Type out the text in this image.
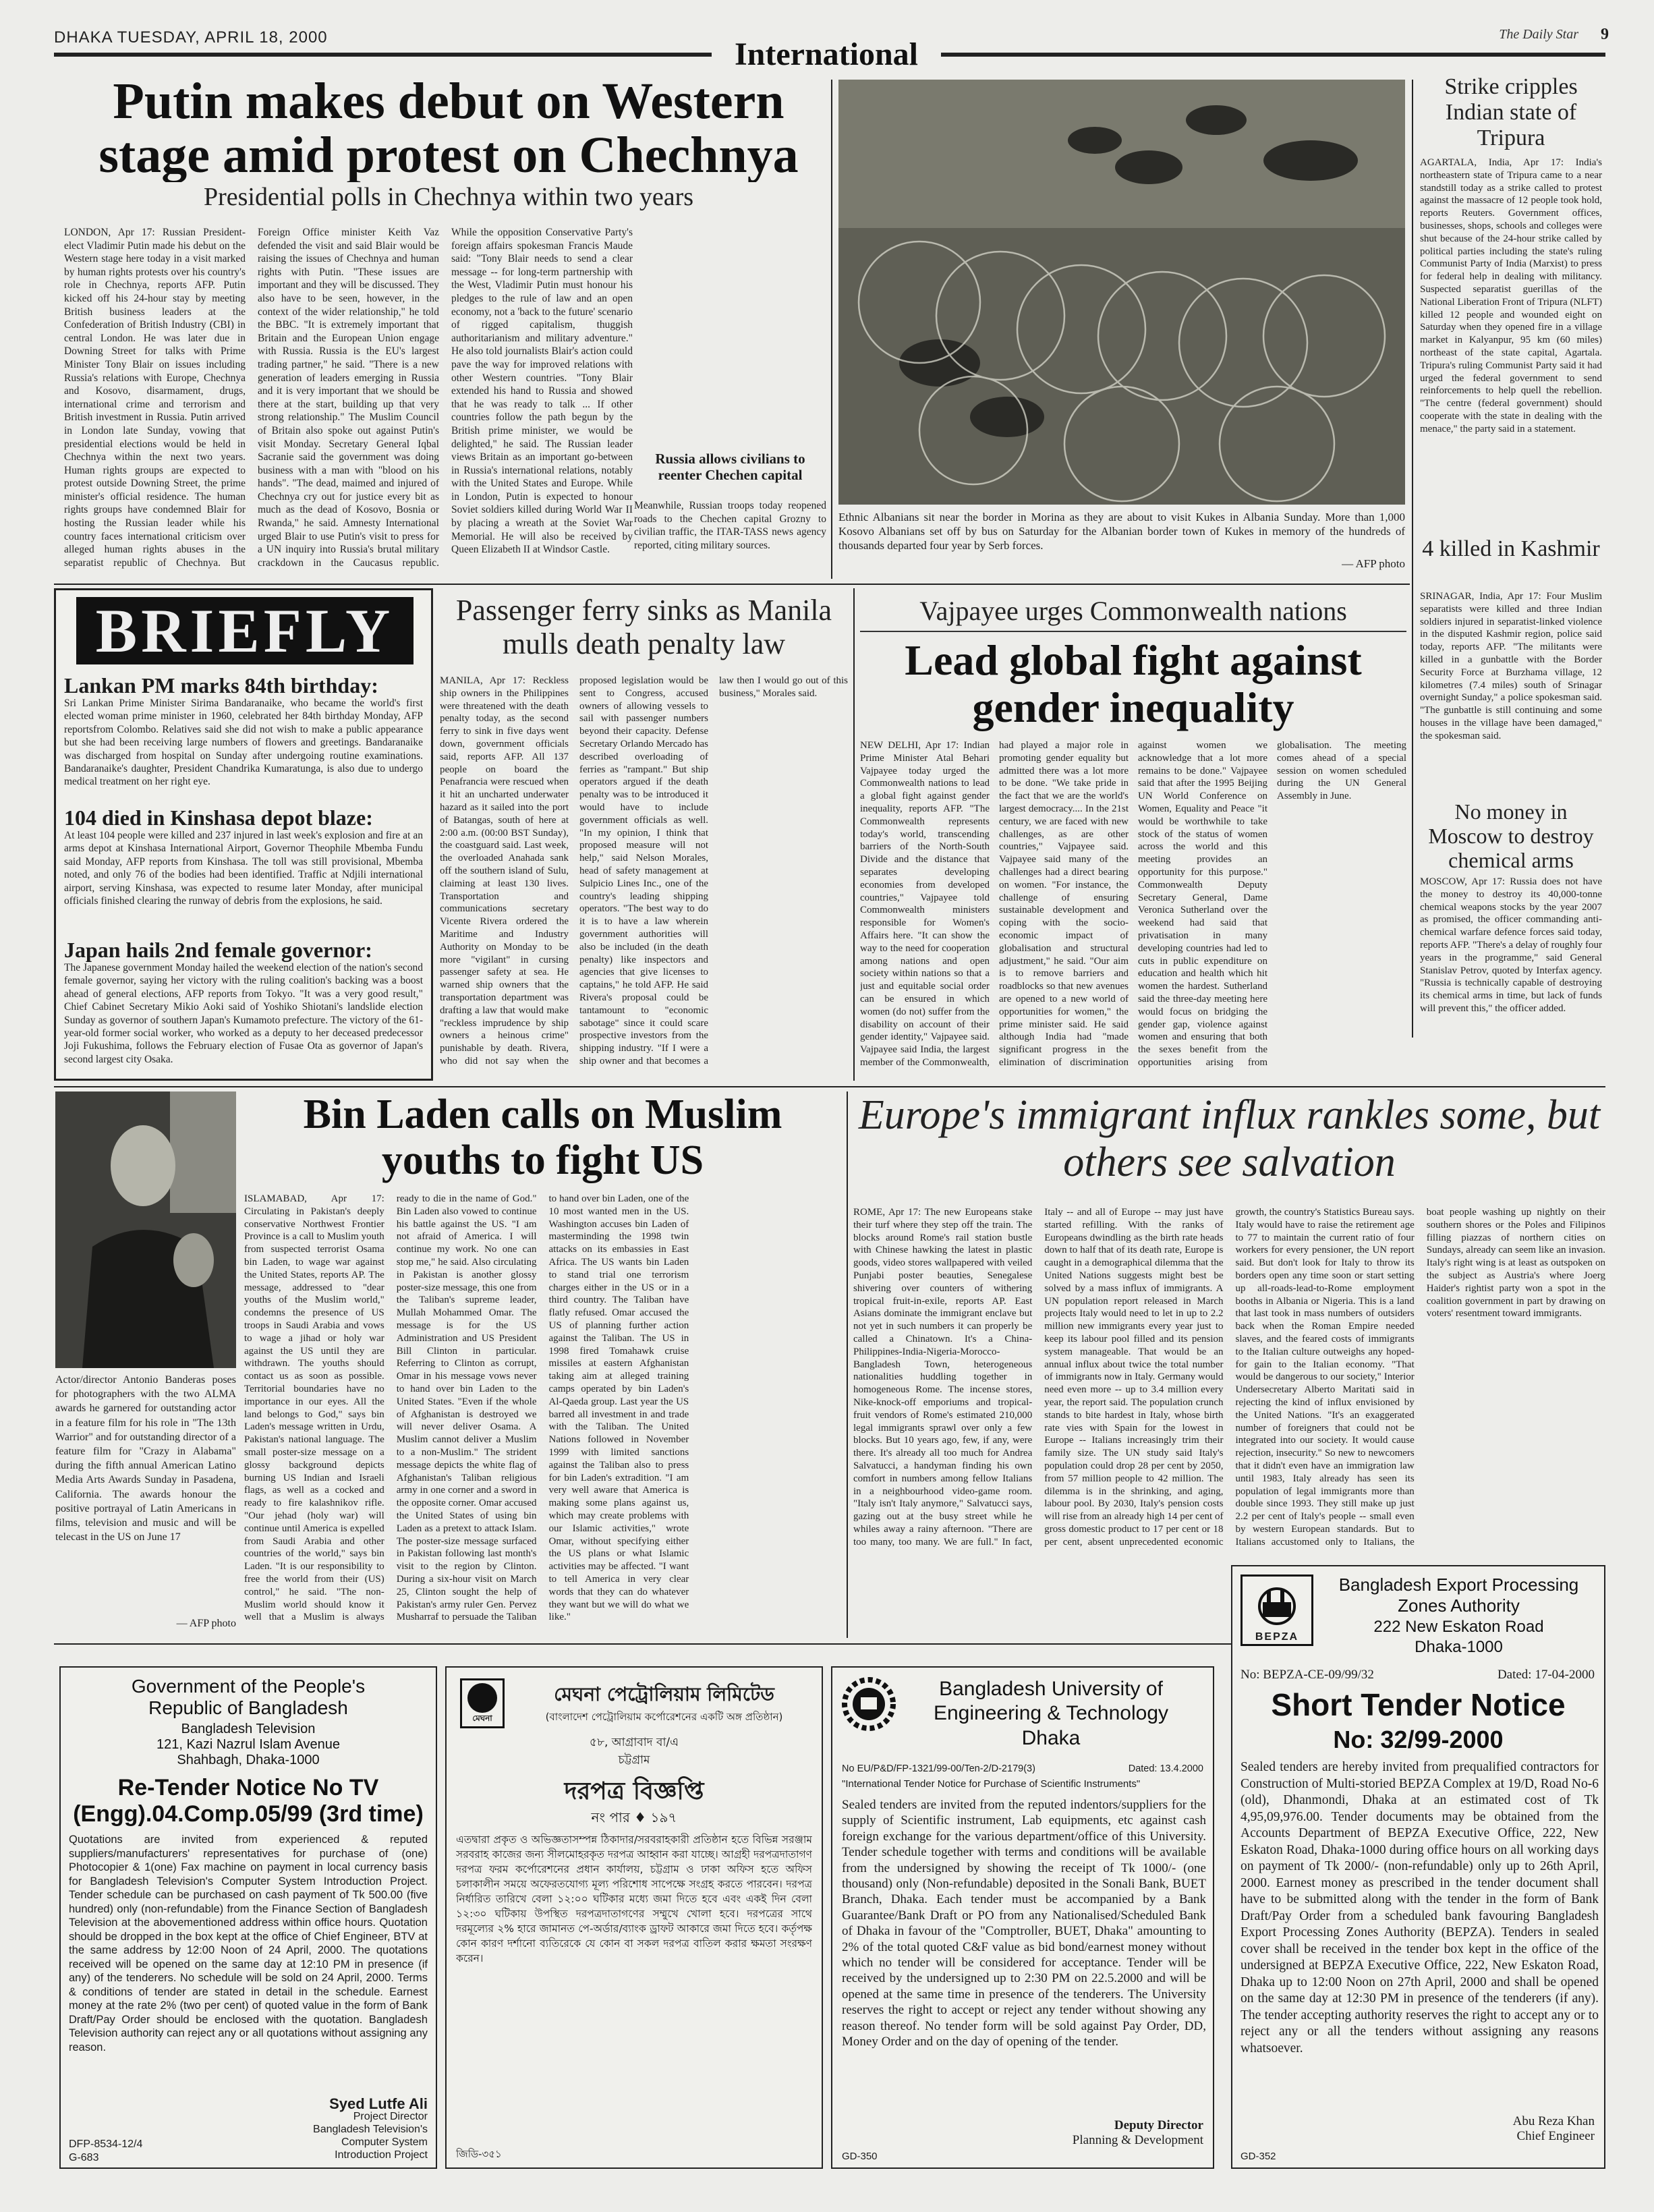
DHAKA TUESDAY, APRIL 18, 2000	International
The Daily Star	9
Putin makes debut on Western stage amid protest on Chechnya
Presidential polls in Chechnya within two years
LONDON, Apr 17: Russian President-elect Vladimir Putin made his debut on the Western stage here today in a visit marked by human rights protests over his country's role in Chechnya, reports AFP. Putin kicked off his 24-hour stay by meeting British business leaders at the Confederation of British Industry (CBI) in central London. He was later due in Downing Street for talks with Prime Minister Tony Blair on issues including Russia's relations with Europe, Chechnya and Kosovo, disarmament, drugs, international crime and terrorism and British investment in Russia. Putin arrived in London late Sunday, vowing that presidential elections would be held in Chechnya within the next two years. Human rights groups are expected to protest outside Downing Street, the prime minister's official residence. The human rights groups have condemned Blair for hosting the Russian leader while his country faces international criticism over alleged human rights abuses in the separatist republic of Chechnya. But Foreign Office minister Keith Vaz defended the visit and said Blair would be raising the issues of Chechnya and human rights with Putin. "These issues are important and they will be discussed. They also have to be seen, however, in the context of the wider relationship," he told the BBC. "It is extremely important that Britain and the European Union engage with Russia. Russia is the EU's largest trading partner," he said. "There is a new generation of leaders emerging in Russia and it is very important that we should be there at the start, building up that very strong relationship." The Muslim Council of Britain also spoke out against Putin's visit Monday. Secretary General Iqbal Sacranie said the government was doing business with a man with "blood on his hands". "The dead, maimed and injured of Chechnya cry out for justice every bit as much as the dead of Kosovo, Bosnia or Rwanda," he said. Amnesty International urged Blair to use Putin's visit to press for a UN inquiry into Russia's brutal military crackdown in the Caucasus republic. While the opposition Conservative Party's foreign affairs spokesman Francis Maude said: "Tony Blair needs to send a clear message -- for long-term partnership with the West, Vladimir Putin must honour his pledges to the rule of law and an open economy, not a 'back to the future' scenario of rigged capitalism, thuggish authoritarianism and military adventure." He also told journalists Blair's action could pave the way for improved relations with other Western countries. "Tony Blair extended his hand to Russia and showed that he was ready to talk ... If other countries follow the path begun by the British prime minister, we would be delighted," he said. The Russian leader views Britain as an important go-between in Russia's international relations, notably with the United States and Europe. While in London, Putin is expected to honour Soviet soldiers killed during World War II by placing a wreath at the Soviet War Memorial. He will also be received by Queen Elizabeth II at Windsor Castle.
Russia allows civilians to reenter Chechen capital
Meanwhile, Russian troops today reopened roads to the Chechen capital Grozny to civilian traffic, the ITAR-TASS news agency reported, citing military sources.
Ethnic Albanians sit near the border in Morina as they are about to visit Kukes in Albania Sunday. More than 1,000 Kosovo Albanians set off by bus on Saturday for the Albanian border town of Kukes in memory of the hundreds of thousands departed four year by Serb forces.
— AFP photo
Strike cripples Indian state of Tripura
AGARTALA, India, Apr 17: India's northeastern state of Tripura came to a near standstill today as a strike called to protest against the massacre of 12 people took hold, reports Reuters. Government offices, businesses, shops, schools and colleges were shut because of the 24-hour strike called by political parties including the state's ruling Communist Party of India (Marxist) to press for federal help in dealing with militancy. Suspected separatist guerillas of the National Liberation Front of Tripura (NLFT) killed 12 people and wounded eight on Saturday when they opened fire in a village market in Kalyanpur, 95 km (60 miles) northeast of the state capital, Agartala. Tripura's ruling Communist Party said it had urged the federal government to send reinforcements to help quell the rebellion. "The centre (federal government) should cooperate with the state in dealing with the menace," the party said in a statement.
4 killed in Kashmir
SRINAGAR, India, Apr 17: Four Muslim separatists were killed and three Indian soldiers injured in separatist-linked violence in the disputed Kashmir region, police said today, reports AFP. "The militants were killed in a gunbattle with the Border Security Force at Burzhama village, 12 kilometres (7.4 miles) south of Srinagar overnight Sunday," a police spokesman said. "The gunbattle is still continuing and some houses in the village have been damaged," the spokesman said.
No money in Moscow to destroy chemical arms
MOSCOW, Apr 17: Russia does not have the money to destroy its 40,000-tonne chemical weapons stocks by the year 2007 as promised, the officer commanding anti-chemical warfare defence forces said today, reports AFP. "There's a delay of roughly four years in the programme," said General Stanislav Petrov, quoted by Interfax agency. "Russia is technically capable of destroying its chemical arms in time, but lack of funds will prevent this," the officer added.
BRIEFLY
Lankan PM marks 84th birthday:
Sri Lankan Prime Minister Sirima Bandaranaike, who became the world's first elected woman prime minister in 1960, celebrated her 84th birthday Monday, AFP reportsfrom Colombo. Relatives said she did not wish to make a public appearance but she had been receiving large numbers of flowers and greetings. Bandaranaike was discharged from hospital on Sunday after undergoing routine examinations. Bandaranaike's daughter, President Chandrika Kumaratunga, is also due to undergo medical treatment on her right eye.
104 died in Kinshasa depot blaze:
At least 104 people were killed and 237 injured in last week's explosion and fire at an arms depot at Kinshasa International Airport, Governor Theophile Mbemba Fundu said Monday, AFP reports from Kinshasa. The toll was still provisional, Mbemba noted, and only 76 of the bodies had been identified. Traffic at Ndjili international airport, serving Kinshasa, was expected to resume later Monday, after municipal officials finished clearing the runway of debris from the explosions, he said.
Japan hails 2nd female governor:
The Japanese government Monday hailed the weekend election of the nation's second female governor, saying her victory with the ruling coalition's backing was a boost ahead of general elections, AFP reports from Tokyo. "It was a very good result," Chief Cabinet Secretary Mikio Aoki said of Yoshiko Shiotani's landslide election Sunday as governor of southern Japan's Kumamoto prefecture. The victory of the 61-year-old former social worker, who worked as a deputy to her deceased predecessor Joji Fukushima, follows the February election of Fusae Ota as governor of Japan's second largest city Osaka.
Passenger ferry sinks as Manila mulls death penalty law
MANILA, Apr 17: Reckless ship owners in the Philippines were threatened with the death penalty today, as the second ferry to sink in five days went down, government officials said, reports AFP. All 137 people on board the Penafrancia were rescued when it hit an uncharted underwater hazard as it sailed into the port of Batangas, south of here at 2:00 a.m. (00:00 BST Sunday), the coastguard said. Last week, the overloaded Anahada sank off the southern island of Sulu, claiming at least 130 lives. Transportation and communications secretary Vicente Rivera ordered the Maritime and Industry Authority on Monday to be more "vigilant" in cursing passenger safety at sea. He warned ship owners that the transportation department was drafting a law that would make "reckless imprudence by ship owners a heinous crime" punishable by death. Rivera, who did not say when the proposed legislation would be sent to Congress, accused owners of allowing vessels to sail with passenger numbers beyond their capacity. Defense Secretary Orlando Mercado has described overloading of ferries as "rampant." But ship operators argued if the death penalty was to be introduced it would have to include government officials as well. "In my opinion, I think that proposed measure will not help," said Nelson Morales, head of safety management at Sulpicio Lines Inc., one of the country's leading shipping operators. "The best way to do it is to have a law wherein government authorities will also be included (in the death penalty) like inspectors and agencies that give licenses to captains," he told AFP. He said Rivera's proposal could be tantamount to "economic sabotage" since it could scare prospective investors from the shipping industry. "If I were a ship owner and that becomes a law then I would go out of this business," Morales said.
Vajpayee urges Commonwealth nations
Lead global fight against gender inequality
NEW DELHI, Apr 17: Indian Prime Minister Atal Behari Vajpayee today urged the Commonwealth nations to lead a global fight against gender inequality, reports AFP. "The Commonwealth represents today's world, transcending barriers of the North-South Divide and the distance that separates developing economies from developed countries," Vajpayee told Commonwealth ministers responsible for Women's Affairs here. "It can show the way to the need for cooperation among nations and open society within nations so that a just and equitable social order can be ensured in which women (do not) suffer from the disability on account of their gender identity," Vajpayee said. Vajpayee said India, the largest member of the Commonwealth, had played a major role in promoting gender equality but admitted there was a lot more to be done. "We take pride in the fact that we are the world's largest democracy.... In the 21st century, we are faced with new challenges, as are other countries," Vajpayee said. Vajpayee said many of the challenges had a direct bearing on women. "For instance, the challenge of ensuring sustainable development and coping with the socio-economic impact of globalisation and structural adjustment," he said. "Our aim is to remove barriers and roadblocks so that new avenues are opened to a new world of opportunities for women," the prime minister said. He said although India had "made significant progress in the elimination of discrimination against women we acknowledge that a lot more remains to be done." Vajpayee said that after the 1995 Beijing UN World Conference on Women, Equality and Peace "it would be worthwhile to take stock of the status of women across the world and this meeting provides an opportunity for this purpose." Commonwealth Deputy Secretary General, Dame Veronica Sutherland over the weekend had said that privatisation in many developing countries had led to cuts in public expenditure on education and health which hit women the hardest. Sutherland said the three-day meeting here would focus on bridging the gender gap, violence against women and ensuring that both the sexes benefit from the opportunities arising from globalisation. The meeting comes ahead of a special session on women scheduled during the UN General Assembly in June.
Actor/director Antonio Banderas poses for photographers with the two ALMA awards he garnered for outstanding actor in a feature film for his role in "The 13th Warrior" and for outstanding director of a feature film for "Crazy in Alabama" during the fifth annual American Latino Media Arts Awards Sunday in Pasadena, California. The awards honour the positive portrayal of Latin Americans in films, television and music and will be telecast in the US on June 17
— AFP photo
Bin Laden calls on Muslim youths to fight US
ISLAMABAD, Apr 17: Circulating in Pakistan's deeply conservative Northwest Frontier Province is a call to Muslim youth from suspected terrorist Osama bin Laden, to wage war against the United States, reports AP. The message, addressed to "dear youths of the Muslim world," condemns the presence of US troops in Saudi Arabia and vows to wage a jihad or holy war against the US until they are withdrawn. The youths should contact us as soon as possible. Territorial boundaries have no importance in our eyes. All the land belongs to God," says bin Laden's message written in Urdu, Pakistan's national language. The small poster-size message on a glossy background depicts burning US Indian and Israeli flags, as well as a cocked and ready to fire kalashnikov rifle. "Our jehad (holy war) will continue until America is expelled from Saudi Arabia and other countries of the world," says bin Laden. "It is our responsibility to free the world from their (US) control," he said. "The non-Muslim world should know it well that a Muslim is always ready to die in the name of God." Bin Laden also vowed to continue his battle against the US. "I am not afraid of America. I will continue my work. No one can stop me," he said. Also circulating in Pakistan is another glossy poster-size message, this one from the Taliban's supreme leader, Mullah Mohammed Omar. The message is for the US Administration and US President Bill Clinton in particular. Referring to Clinton as corrupt, Omar in his message vows never to hand over bin Laden to the United States. "Even if the whole of Afghanistan is destroyed we will never deliver Osama. A Muslim cannot deliver a Muslim to a non-Muslim." The strident message depicts the white flag of Afghanistan's Taliban religious army in one corner and a sword in the opposite corner. Omar accused the United States of using bin Laden as a pretext to attack Islam. The poster-size message surfaced in Pakistan following last month's visit to the region by Clinton. During a six-hour visit on March 25, Clinton sought the help of Pakistan's army ruler Gen. Pervez Musharraf to persuade the Taliban to hand over bin Laden, one of the 10 most wanted men in the US. Washington accuses bin Laden of masterminding the 1998 twin attacks on its embassies in East Africa. The US wants bin Laden to stand trial one terrorism charges either in the US or in a third country. The Taliban have flatly refused. Omar accused the US of planning further action against the Taliban. The US in 1998 fired Tomahawk cruise missiles at eastern Afghanistan taking aim at alleged training camps operated by bin Laden's Al-Qaeda group. Last year the US barred all investment in and trade with the Taliban. The United Nations followed in November 1999 with limited sanctions against the Taliban also to press for bin Laden's extradition. "I am very well aware that America is making some plans against us, which may create problems with our Islamic activities," wrote Omar, without specifying either the US plans or what Islamic activities may be affected. "I want to tell America in very clear words that they can do whatever they want but we will do what we like."
Europe's immigrant influx rankles some, but others see salvation
ROME, Apr 17: The new Europeans stake their turf where they step off the train. The blocks around Rome's rail station bustle with Chinese hawking the latest in plastic goods, video stores wallpapered with veiled Punjabi poster beauties, Senegalese shivering over counters of withering tropical fruit-in-exile, reports AP. East Asians dominate the immigrant enclave but not yet in such numbers it can properly be called a Chinatown. It's a China-Philippines-India-Nigeria-Morocco-Bangladesh Town, heterogeneous nationalities huddling together in homogeneous Rome. The incense stores, Nike-knock-off emporiums and tropical-fruit vendors of Rome's estimated 210,000 legal immigrants sprawl over only a few blocks. But 10 years ago, few, if any, were there. It's already all too much for Andrea Salvatucci, a handyman finding his own comfort in numbers among fellow Italians in a neighbourhood video-game room. "Italy isn't Italy anymore," Salvatucci says, gazing out at the busy street while he whiles away a rainy afternoon. "There are too many, too many. We are full." In fact, Italy -- and all of Europe -- may just have started refilling. With the ranks of Europeans dwindling as the birth rate heads down to half that of its death rate, Europe is caught in a demographical dilemma that the United Nations suggests might best be solved by a mass influx of immigrants. A UN population report released in March projects Italy would need to let in up to 2.2 million new immigrants every year just to keep its labour pool filled and its pension system manageable. That would be an annual influx about twice the total number of immigrants now in Italy. Germany would need even more -- up to 3.4 million every year, the report said. The population crunch stands to bite hardest in Italy, whose birth rate vies with Spain for the lowest in Europe -- Italians increasingly trim their family size. The UN study said Italy's population could drop 28 per cent by 2050, from 57 million people to 42 million. The dilemma is in the shrinking, and aging, labour pool. By 2030, Italy's pension costs will rise from an already high 14 per cent of gross domestic product to 17 per cent or 18 per cent, absent unprecedented economic growth, the country's Statistics Bureau says. Italy would have to raise the retirement age to 77 to maintain the current ratio of four workers for every pensioner, the UN report said. But don't look for Italy to throw its borders open any time soon or start setting up all-roads-lead-to-Rome employment booths in Albania or Nigeria. This is a land that last took in mass numbers of outsiders back when the Roman Empire needed slaves, and the feared costs of immigrants to the Italian culture outweighs any hoped-for gain to the Italian economy. "That would be dangerous to our society," Interior Undersecretary Alberto Maritati said in rejecting the kind of influx envisioned by the United Nations. "It's an exaggerated number of foreigners that could not be integrated into our society. It would cause rejection, insecurity." So new to newcomers that it didn't even have an immigration law until 1983, Italy already has seen its population of legal immigrants more than double since 1993. They still make up just 2.2 per cent of Italy's people -- small even by western European standards. But to Italians accustomed only to Italians, the boat people washing up nightly on their southern shores or the Poles and Filipinos filling piazzas of northern cities on Sundays, already can seem like an invasion. Italy's right wing is at least as outspoken on the subject as Austria's where Joerg Haider's rightist party won a spot in the coalition government in part by drawing on voters' resentment toward immigrants.
Government of the People's
Republic of Bangladesh
Bangladesh Television
121, Kazi Nazrul Islam Avenue
Shahbagh, Dhaka-1000
Re-Tender Notice No TV
(Engg).04.Comp.05/99 (3rd time)
Quotations are invited from experienced & reputed suppliers/manufacturers' representatives for purchase of (one) Photocopier & 1(one) Fax machine on payment in local currency basis for Bangladesh Television's Computer System Introduction Project. Tender schedule can be purchased on cash payment of Tk 500.00 (five hundred) only (non-refundable) from the Finance Section of Bangladesh Television at the abovementioned address within office hours. Quotation should be dropped in the box kept at the office of Chief Engineer, BTV at the same address by 12:00 Noon of 24 April, 2000. The quotations received will be opened on the same day at 12:10 PM in presence (if any) of the tenderers. No schedule will be sold on 24 April, 2000. Terms & conditions of tender are stated in detail in the schedule. Earnest money at the rate 2% (two per cent) of quoted value in the form of Bank Draft/Pay Order should be enclosed with the quotation. Bangladesh Television authority can reject any or all quotations without assigning any reason.
Syed Lutfe Ali
Project Director
Bangladesh Television's
Computer System
Introduction Project
DFP-8534-12/4
G-683
মেঘনা
মেঘনা পেট্রোলিয়াম লিমিটেড
(বাংলাদেশ পেট্রোলিয়াম কর্পোরেশনের একটি অঙ্গ প্রতিষ্ঠান)
৫৮, আগ্রাবাদ বা/এ
চট্টগ্রাম
দরপত্র বিজ্ঞপ্তি
নং পার ♦ ১৯৭
এতদ্বারা প্রকৃত ও অভিজ্ঞতাসম্পন্ন ঠিকাদার/সরবরাহকারী প্রতিষ্ঠান হতে বিভিন্ন সরঞ্জাম সরবরাহ কাজের জন্য সীলমোহরকৃত দরপত্র আহ্বান করা যাচ্ছে। আগ্রহী দরপত্রদাতাগণ দরপত্র ফরম কর্পোরেশনের প্রধান কার্যালয়, চট্টগ্রাম ও ঢাকা অফিস হতে অফিস চলাকালীন সময়ে অফেরতযোগ্য মূল্য পরিশোধ সাপেক্ষে সংগ্রহ করতে পারবেন। দরপত্র নির্ধারিত তারিখে বেলা ১২:০০ ঘটিকার মধ্যে জমা দিতে হবে এবং একই দিন বেলা ১২:৩০ ঘটিকায় উপস্থিত দরপত্রদাতাগণের সম্মুখে খোলা হবে। দরপত্রের সাথে দরমূল্যের ২% হারে জামানত পে-অর্ডার/ব্যাংক ড্রাফট আকারে জমা দিতে হবে। কর্তৃপক্ষ কোন কারণ দর্শানো ব্যতিরেকে যে কোন বা সকল দরপত্র বাতিল করার ক্ষমতা সংরক্ষণ করেন।
জিডি-৩৫১
Bangladesh University of Engineering & Technology
Dhaka
No EU/P&D/FP-1321/99-00/Ten-2/D-2179(3)	Dated: 13.4.2000
"International Tender Notice for Purchase of Scientific Instruments"
Sealed tenders are invited from the reputed indentors/suppliers for the supply of Scientific instrument, Lab equipments, etc against cash foreign exchange for the various department/office of this University. Tender schedule together with terms and conditions will be available from the undersigned by showing the receipt of Tk 1000/- (one thousand) only (Non-refundable) deposited in the Sonali Bank, BUET Branch, Dhaka. Each tender must be accompanied by a Bank Guarantee/Bank Draft or PO from any Nationalised/Scheduled Bank of Dhaka in favour of the "Comptroller, BUET, Dhaka" amounting to 2% of the total quoted C&F value as bid bond/earnest money without which no tender will be considered for acceptance. Tender will be received by the undersigned up to 2:30 PM on 22.5.2000 and will be opened at the same time in presence of the tenderers. The University reserves the right to accept or reject any tender without showing any reason thereof. No tender form will be sold against Pay Order, DD, Money Order and on the day of opening of the tender.
Deputy Director
Planning & Development
GD-350
BEPZA
Bangladesh Export Processing Zones Authority
222 New Eskaton Road
Dhaka-1000
No: BEPZA-CE-09/99/32	Dated: 17-04-2000
Short Tender Notice
No: 32/99-2000
Sealed tenders are hereby invited from prequalified contractors for Construction of Multi-storied BEPZA Complex at 19/D, Road No-6 (old), Dhanmondi, Dhaka at an estimated cost of Tk 4,95,09,976.00. Tender documents may be obtained from the Accounts Department of BEPZA Executive Office, 222, New Eskaton Road, Dhaka-1000 during office hours on all working days on payment of Tk 2000/- (non-refundable) only up to 26th April, 2000. Earnest money as prescribed in the tender document shall have to be submitted along with the tender in the form of Bank Draft/Pay Order from a scheduled bank favouring Bangladesh Export Processing Zones Authority (BEPZA). Tenders in sealed cover shall be received in the tender box kept in the office of the undersigned at BEPZA Executive Office, 222, New Eskaton Road, Dhaka up to 12:00 Noon on 27th April, 2000 and shall be opened on the same day at 12:30 PM in presence of the tenderers (if any). The tender accepting authority reserves the right to accept any or to reject any or all the tenders without assigning any reasons whatsoever.
Abu Reza Khan
Chief Engineer
GD-352
